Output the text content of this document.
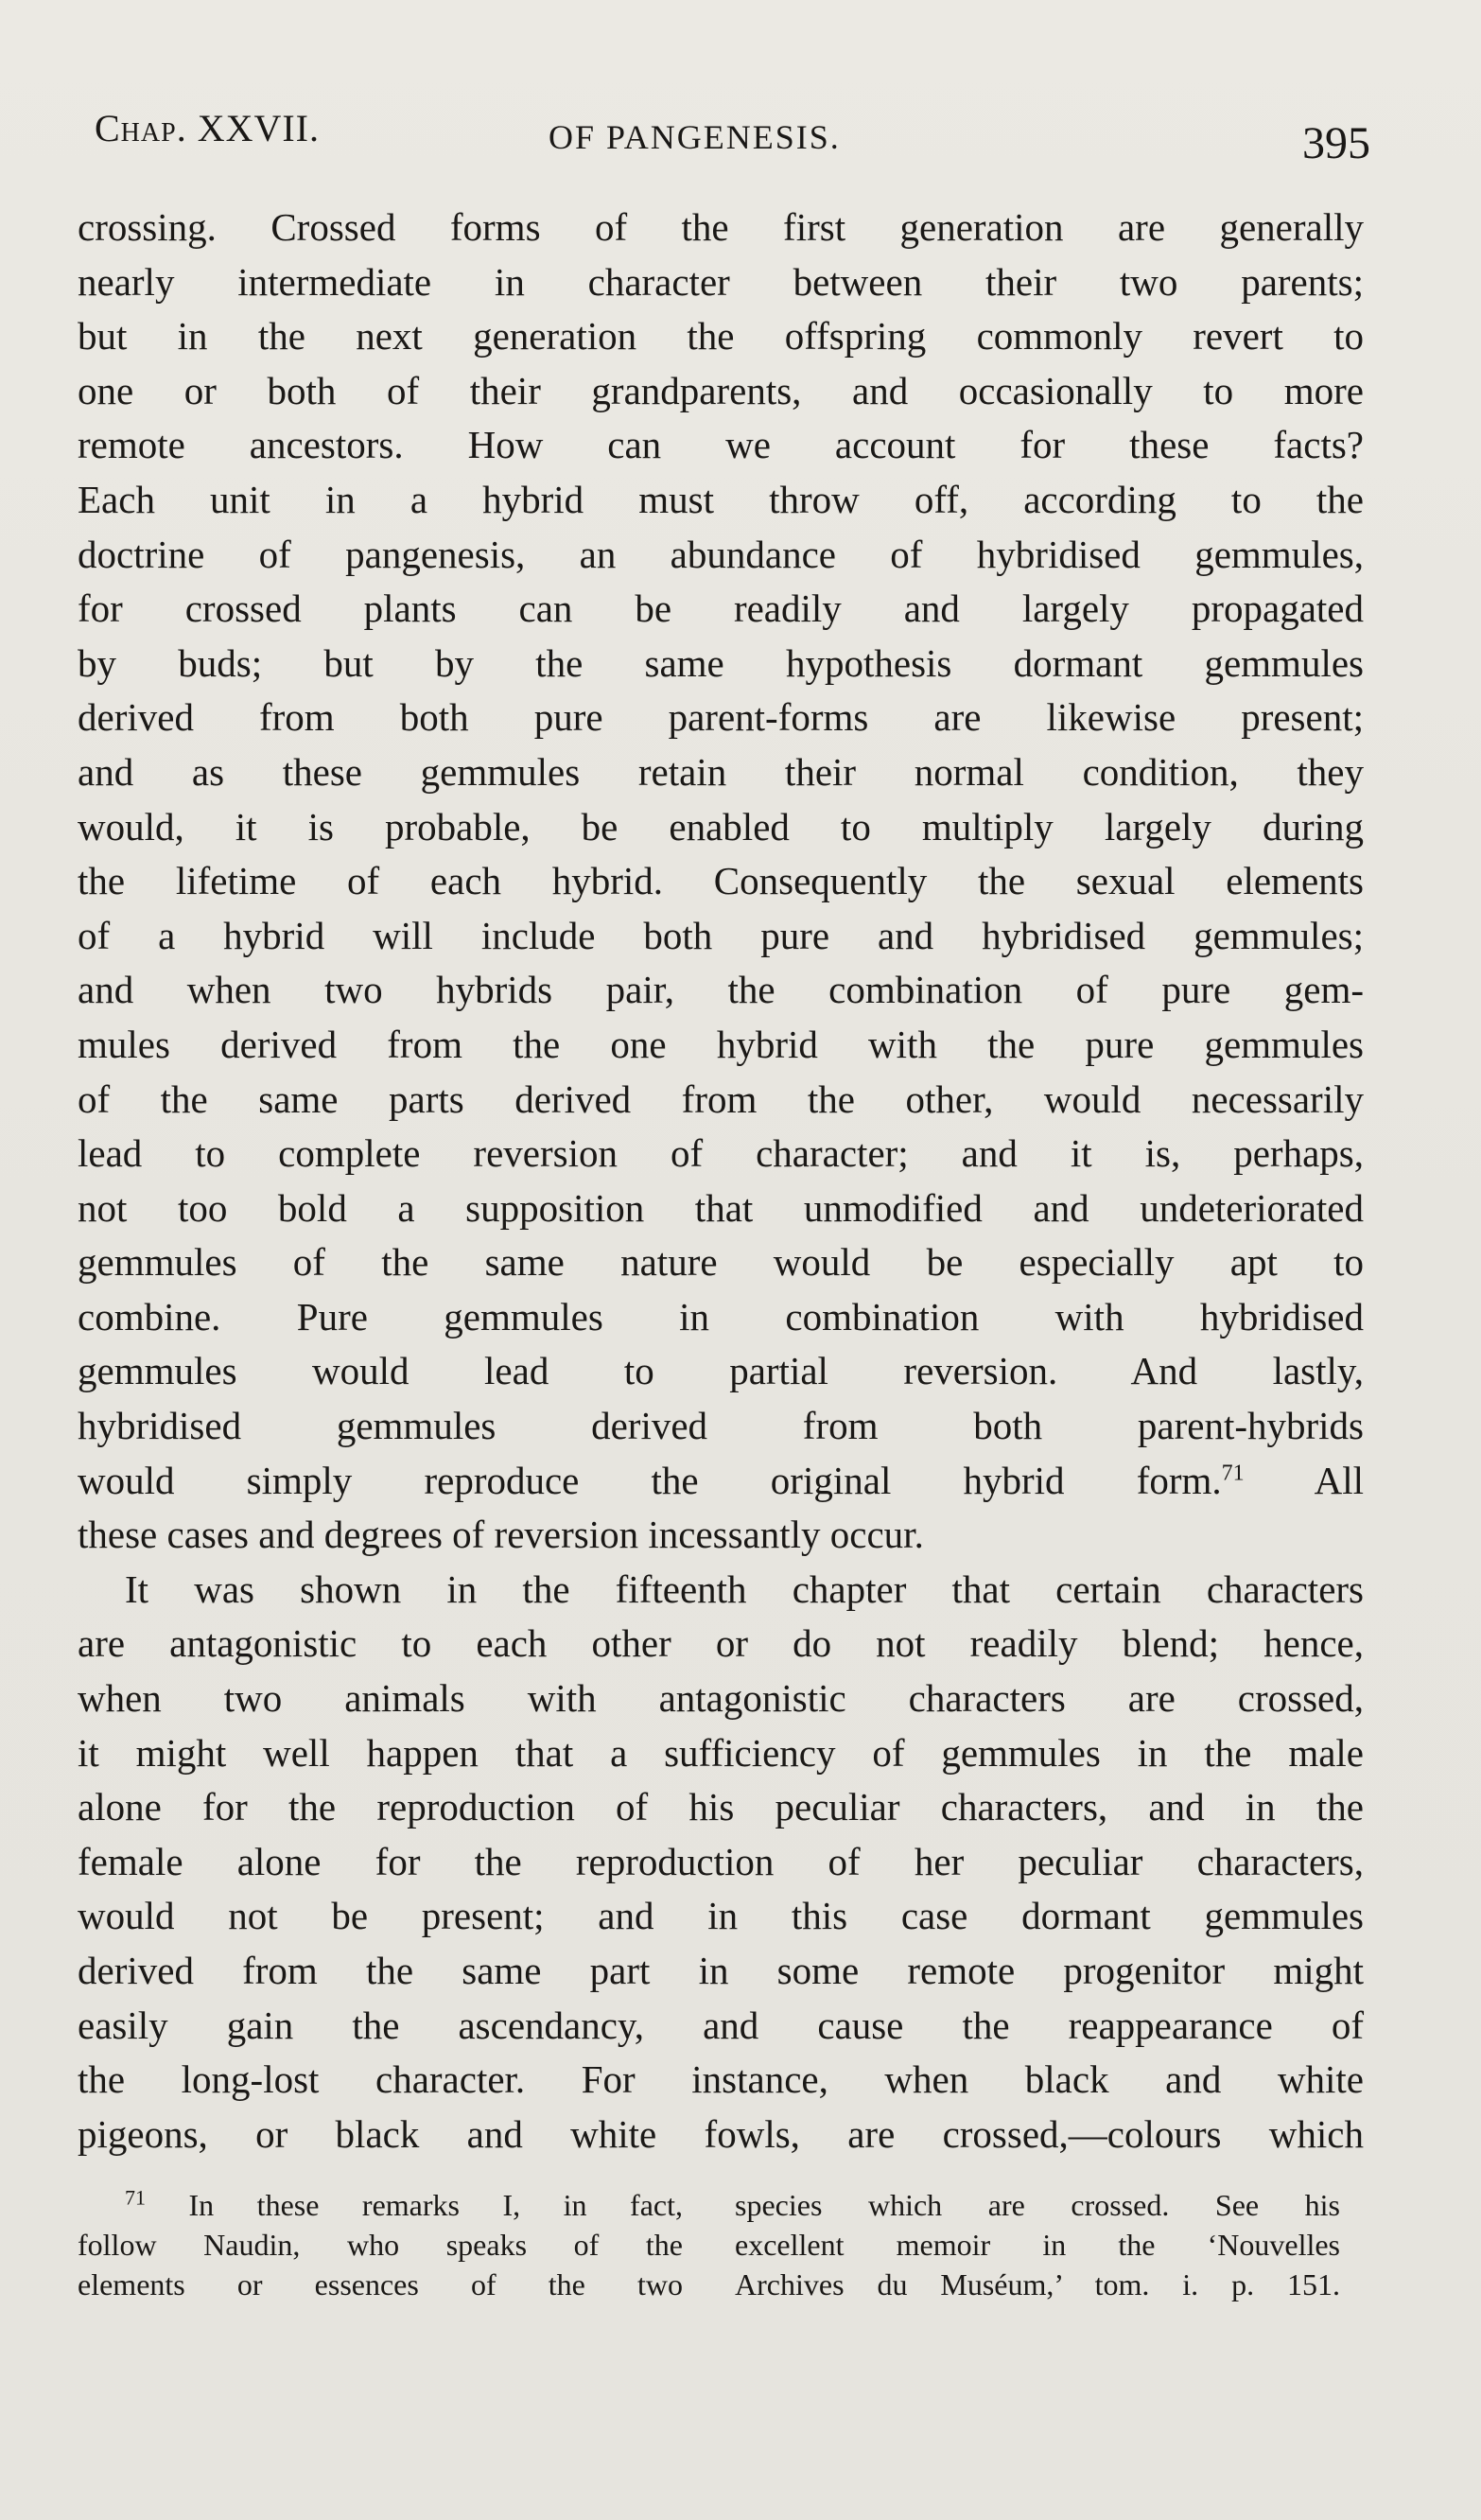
Chap. XXVII.	OF PANGENESIS.	395
crossing. Crossed forms of the first generation are generally
nearly intermediate in character between their two parents;
but in the next generation the offspring commonly revert to
one or both of their grandparents, and occasionally to more
remote ancestors. How can we account for these facts?
Each unit in a hybrid must throw off, according to the
doctrine of pangenesis, an abundance of hybridised gemmules,
for crossed plants can be readily and largely propagated
by buds; but by the same hypothesis dormant gemmules
derived from both pure parent-forms are likewise present;
and as these gemmules retain their normal condition, they
would, it is probable, be enabled to multiply largely during
the lifetime of each hybrid. Consequently the sexual elements
of a hybrid will include both pure and hybridised gemmules;
and when two hybrids pair, the combination of pure gem-
mules derived from the one hybrid with the pure gemmules
of the same parts derived from the other, would necessarily
lead to complete reversion of character; and it is, perhaps,
not too bold a supposition that unmodified and undeteriorated
gemmules of the same nature would be especially apt to
combine. Pure gemmules in combination with hybridised
gemmules would lead to partial reversion. And lastly,
hybridised gemmules derived from both parent-hybrids
would simply reproduce the original hybrid form.$^{71}$ All
these cases and degrees of reversion incessantly occur.
It was shown in the fifteenth chapter that certain characters
are antagonistic to each other or do not readily blend; hence,
when two animals with antagonistic characters are crossed,
it might well happen that a sufficiency of gemmules in the male
alone for the reproduction of his peculiar characters, and in the
female alone for the reproduction of her peculiar characters,
would not be present; and in this case dormant gemmules
derived from the same part in some remote progenitor might
easily gain the ascendancy, and cause the reappearance of
the long-lost character. For instance, when black and white
pigeons, or black and white fowls, are crossed,—colours which
$^{71}$ In these remarks I, in fact,
follow Naudin, who speaks of the
elements or essences of the two
species which are crossed. See his
excellent memoir in the ‘Nouvelles
Archives du Muséum,’ tom. i. p. 151.
